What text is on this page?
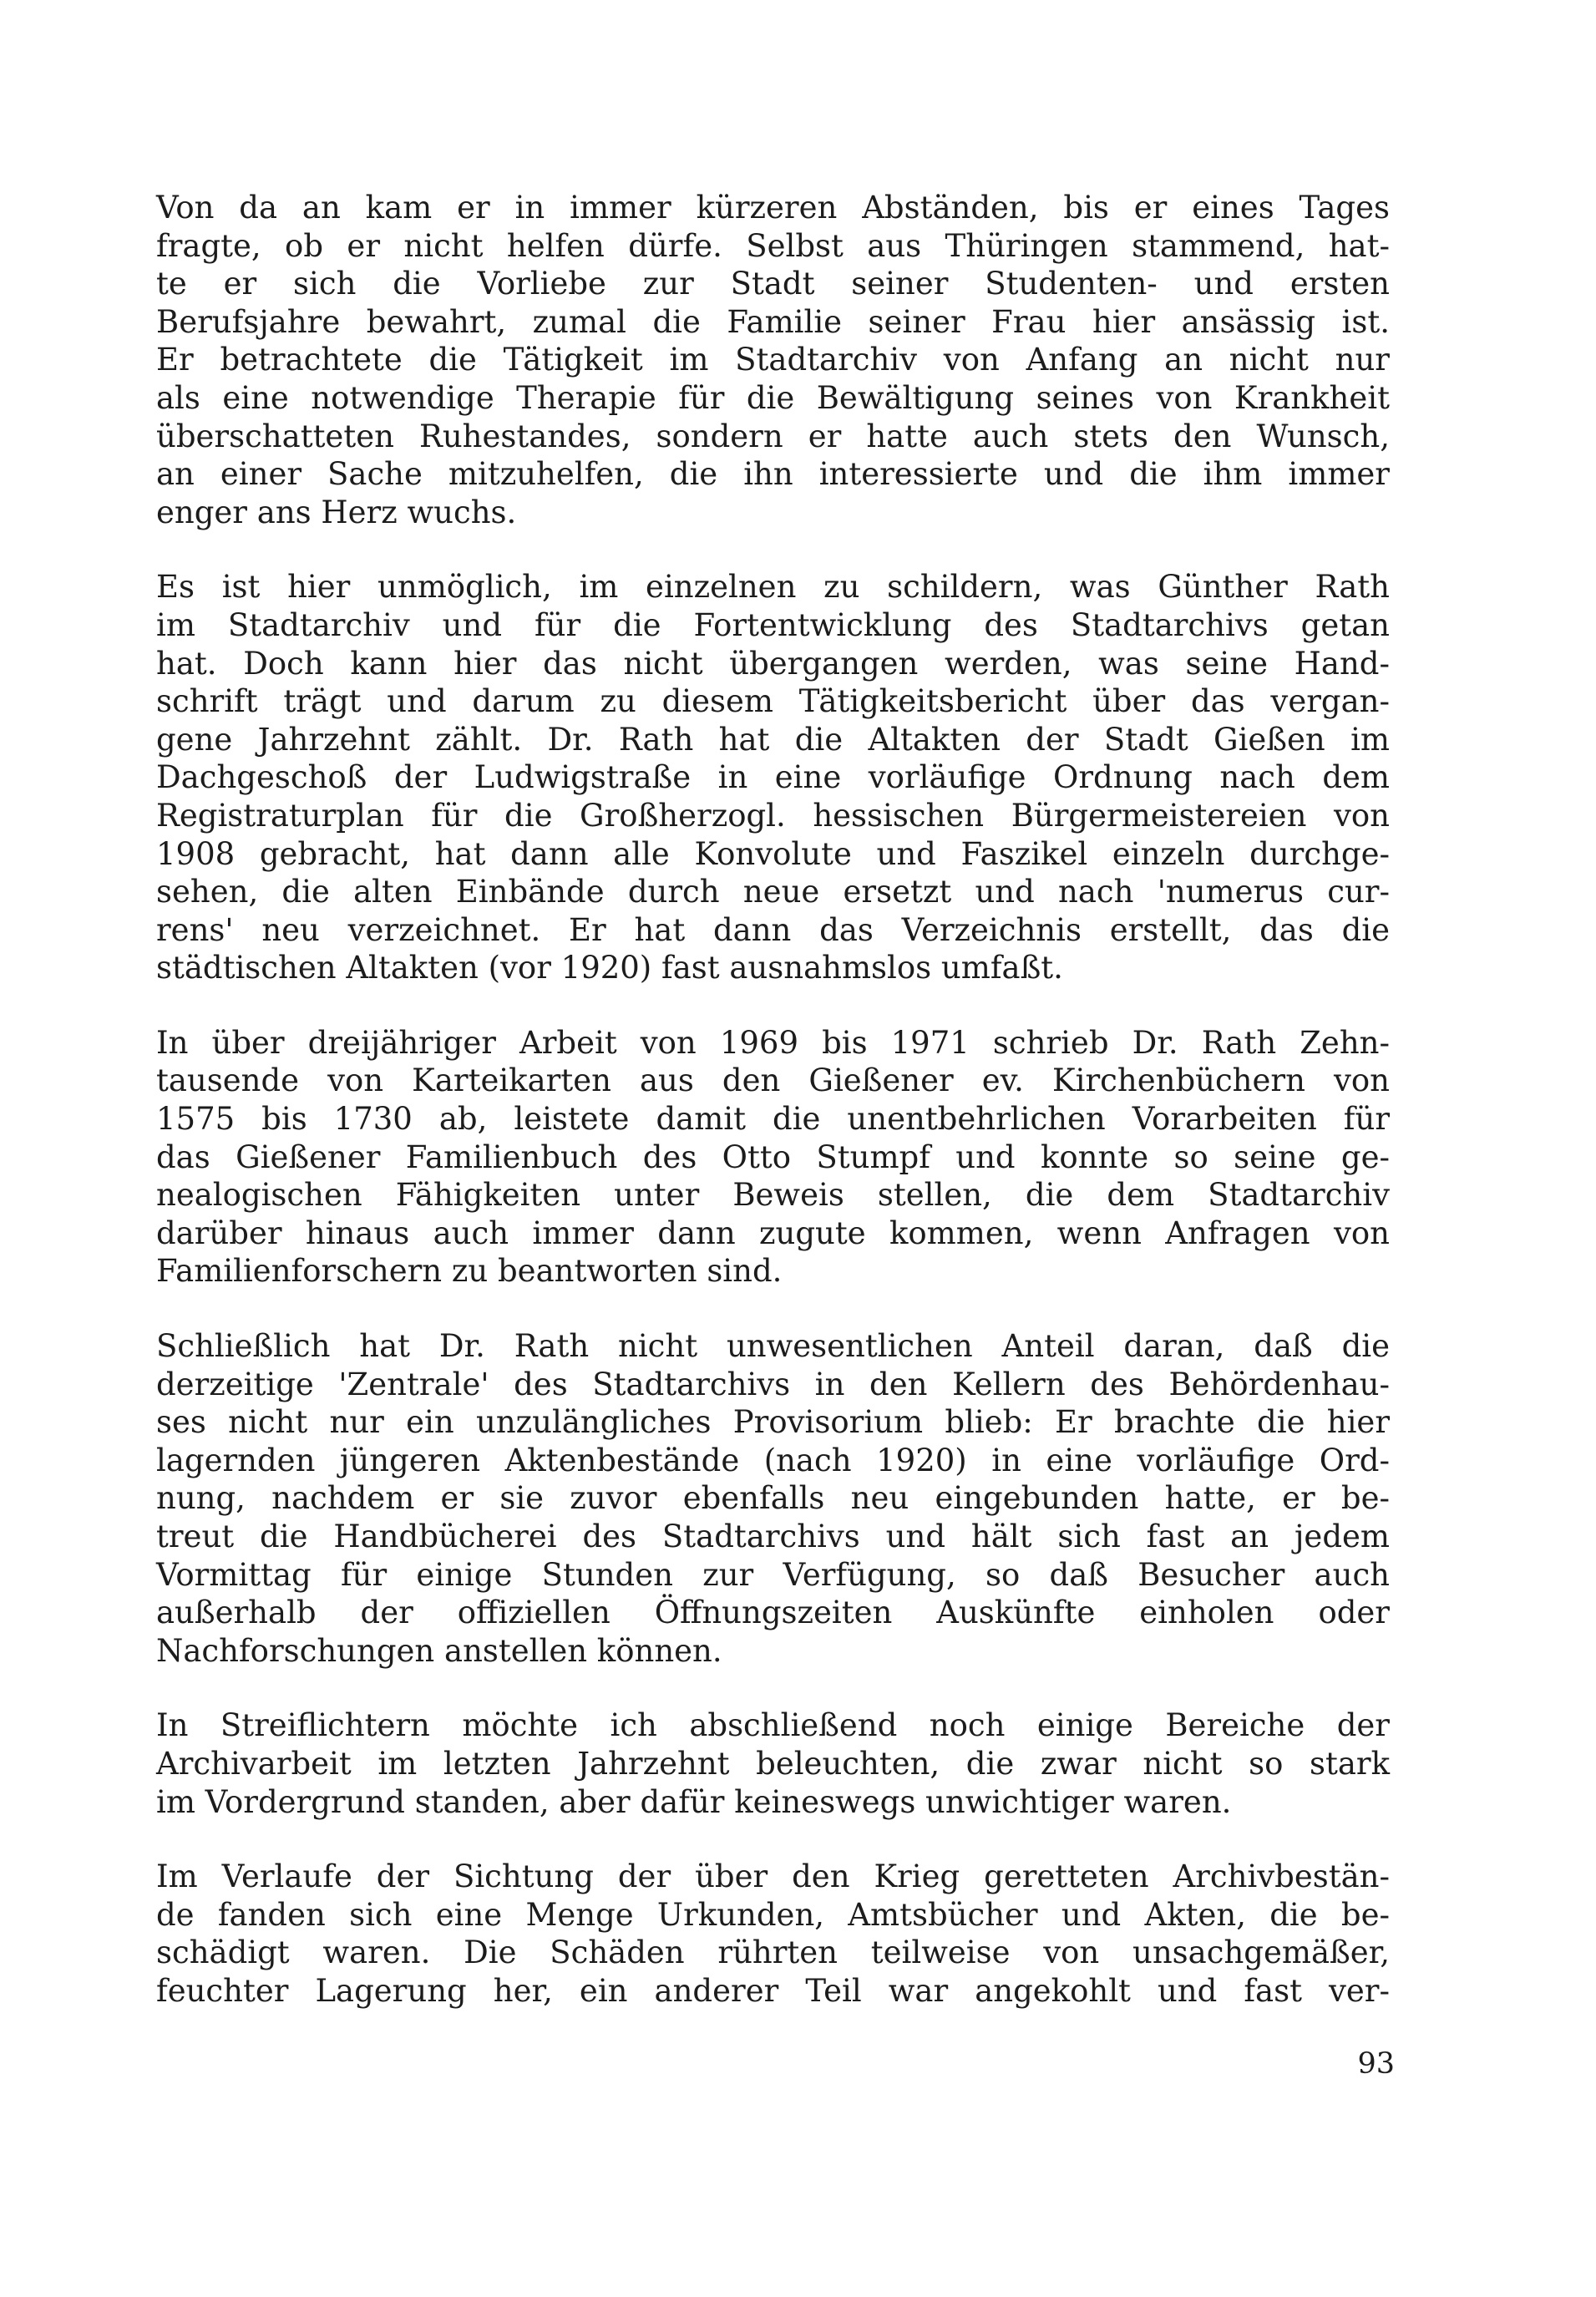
Von da an kam er in immer kürzeren Abständen, bis er eines Tages
fragte, ob er nicht helfen dürfe. Selbst aus Thüringen stammend, hat-
te er sich die Vorliebe zur Stadt seiner Studenten- und ersten
Berufsjahre bewahrt, zumal die Familie seiner Frau hier ansässig ist.
Er betrachtete die Tätigkeit im Stadtarchiv von Anfang an nicht nur
als eine notwendige Therapie für die Bewältigung seines von Krankheit
überschatteten Ruhestandes, sondern er hatte auch stets den Wunsch,
an einer Sache mitzuhelfen, die ihn interessierte und die ihm immer
enger ans Herz wuchs.
Es ist hier unmöglich, im einzelnen zu schildern, was Günther Rath
im Stadtarchiv und für die Fortentwicklung des Stadtarchivs getan
hat. Doch kann hier das nicht übergangen werden, was seine Hand-
schrift trägt und darum zu diesem Tätigkeitsbericht über das vergan-
gene Jahrzehnt zählt. Dr. Rath hat die Altakten der Stadt Gießen im
Dachgeschoß der Ludwigstraße in eine vorläufige Ordnung nach dem
Registraturplan für die Großherzogl. hessischen Bürgermeistereien von
1908 gebracht, hat dann alle Konvolute und Faszikel einzeln durchge-
sehen, die alten Einbände durch neue ersetzt und nach 'numerus cur-
rens' neu verzeichnet. Er hat dann das Verzeichnis erstellt, das die
städtischen Altakten (vor 1920) fast ausnahmslos umfaßt.
In über dreijähriger Arbeit von 1969 bis 1971 schrieb Dr. Rath Zehn-
tausende von Karteikarten aus den Gießener ev. Kirchenbüchern von
1575 bis 1730 ab, leistete damit die unentbehrlichen Vorarbeiten für
das Gießener Familienbuch des Otto Stumpf und konnte so seine ge-
nealogischen Fähigkeiten unter Beweis stellen, die dem Stadtarchiv
darüber hinaus auch immer dann zugute kommen, wenn Anfragen von
Familienforschern zu beantworten sind.
Schließlich hat Dr. Rath nicht unwesentlichen Anteil daran, daß die
derzeitige 'Zentrale' des Stadtarchivs in den Kellern des Behördenhau-
ses nicht nur ein unzulängliches Provisorium blieb: Er brachte die hier
lagernden jüngeren Aktenbestände (nach 1920) in eine vorläufige Ord-
nung, nachdem er sie zuvor ebenfalls neu eingebunden hatte, er be-
treut die Handbücherei des Stadtarchivs und hält sich fast an jedem
Vormittag für einige Stunden zur Verfügung, so daß Besucher auch
außerhalb der offiziellen Öffnungszeiten Auskünfte einholen oder
Nachforschungen anstellen können.
In Streiflichtern möchte ich abschließend noch einige Bereiche der
Archivarbeit im letzten Jahrzehnt beleuchten, die zwar nicht so stark
im Vordergrund standen, aber dafür keineswegs unwichtiger waren.
Im Verlaufe der Sichtung der über den Krieg geretteten Archivbestän-
de fanden sich eine Menge Urkunden, Amtsbücher und Akten, die be-
schädigt waren. Die Schäden rührten teilweise von unsachgemäßer,
feuchter Lagerung her, ein anderer Teil war angekohlt und fast ver-
93
